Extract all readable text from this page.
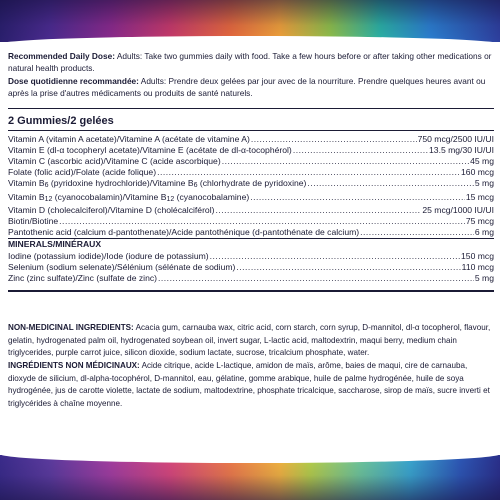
Recommended Daily Dose: Adults: Take two gummies daily with food. Take a few hours before or after taking other medications or natural health products.
Dose quotidienne recommandée: Adults: Prendre deux gelées par jour avec de la nourriture. Prendre quelques heures avant ou après la prise d'autres médicaments ou produits de santé naturels.
2 Gummies/2 gelées
Vitamin A (vitamin A acetate)/Vitamine A (acétate de vitamine A) .....	750 mcg/2500 IU/UI
Vitamin E (dl-α tocopheryl acetate)/Vitamine E (acétate de dl-α-tocophérol) .....	13.5 mg/30 IU/UI
Vitamin C (ascorbic acid)/Vitamine C (acide ascorbique) .....	45 mg
Folate (folic acid)/Folate (acide folique) .....	160 mcg
Vitamin B6 (pyridoxine hydrochloride)/Vitamine B6 (chlorhydrate de pyridoxine) .....	5 mg
Vitamin B12 (cyanocobalamin)/Vitamine B12 (cyanocobalamine) .....	15 mcg
Vitamin D (cholecalciferol)/Vitamine D (cholécalciférol) .....	25 mcg/1000 IU/UI
Biotin/Biotine .....	75 mcg
Pantothenic acid (calcium d-pantothenate)/Acide pantothénique (d-pantothénate de calcium) .....	6 mg
MINERALS/MINÉRAUX
Iodine (potassium iodide)/Iode (iodure de potassium) .....	150 mcg
Selenium (sodium selenate)/Sélénium (sélénate de sodium) .....	110 mcg
Zinc (zinc sulfate)/Zinc (sulfate de zinc) .....	5 mg
NON-MEDICINAL INGREDIENTS: Acacia gum, carnauba wax, citric acid, corn starch, corn syrup, D-mannitol, dl-α tocopherol, flavour, gelatin, hydrogenated palm oil, hydrogenated soybean oil, invert sugar, L-lactic acid, maltodextrin, maqui berry, medium chain triglycerides, purple carrot juice, silicon dioxide, sodium lactate, sucrose, tricalcium phosphate, water.
INGRÉDIENTS NON MÉDICINAUX: Acide citrique, acide L-lactique, amidon de maïs, arôme, baies de maqui, cire de carnauba, dioxyde de silicium, dl-alpha-tocophérol, D-mannitol, eau, gélatine, gomme arabique, huile de palme hydrogénée, huile de soya hydrogénée, jus de carotte violette, lactate de sodium, maltodextrine, phosphate tricalcique, saccharose, sirop de maïs, sucre inverti et triglycérides à chaîne moyenne.
